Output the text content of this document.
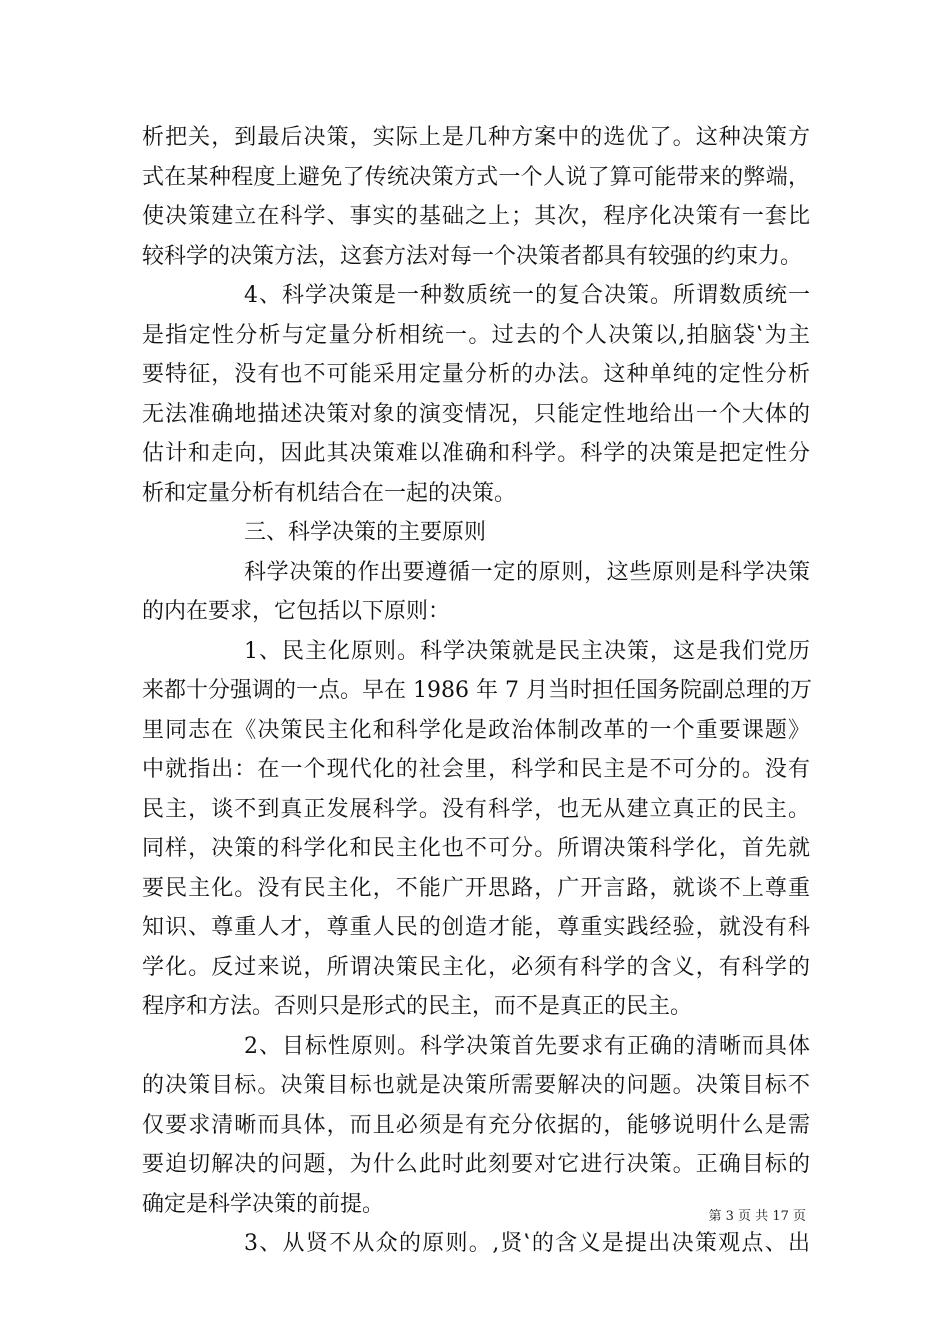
析把关，到最后决策，实际上是几种方案中的选优了。这种决策方
式在某种程度上避免了传统决策方式一个人说了算可能带来的弊端，
使决策建立在科学、事实的基础之上；其次，程序化决策有一套比
较科学的决策方法，这套方法对每一个决策者都具有较强的约束力。
4、科学决策是一种数质统一的复合决策。所谓数质统一
是指定性分析与定量分析相统一。过去的个人决策以‚拍脑袋‛为主
要特征，没有也不可能采用定量分析的办法。这种单纯的定性分析
无法准确地描述决策对象的演变情况，只能定性地给出一个大体的
估计和走向，因此其决策难以准确和科学。科学的决策是把定性分
析和定量分析有机结合在一起的决策。
三、科学决策的主要原则
科学决策的作出要遵循一定的原则，这些原则是科学决策
的内在要求，它包括以下原则：
1、民主化原则。科学决策就是民主决策，这是我们党历
来都十分强调的一点。早在 1986 年 7 月当时担任国务院副总理的万
里同志在《决策民主化和科学化是政治体制改革的一个重要课题》
中就指出：在一个现代化的社会里，科学和民主是不可分的。没有
民主，谈不到真正发展科学。没有科学，也无从建立真正的民主。
同样，决策的科学化和民主化也不可分。所谓决策科学化，首先就
要民主化。没有民主化，不能广开思路，广开言路，就谈不上尊重
知识、尊重人才，尊重人民的创造才能，尊重实践经验，就没有科
学化。反过来说，所谓决策民主化，必须有科学的含义，有科学的
程序和方法。否则只是形式的民主，而不是真正的民主。
2、目标性原则。科学决策首先要求有正确的清晰而具体
的决策目标。决策目标也就是决策所需要解决的问题。决策目标不
仅要求清晰而具体，而且必须是有充分依据的，能够说明什么是需
要迫切解决的问题，为什么此时此刻要对它进行决策。正确目标的
确定是科学决策的前提。
3、从贤不从众的原则。‚贤‛的含义是提出决策观点、出
第 3 页 共 17 页
